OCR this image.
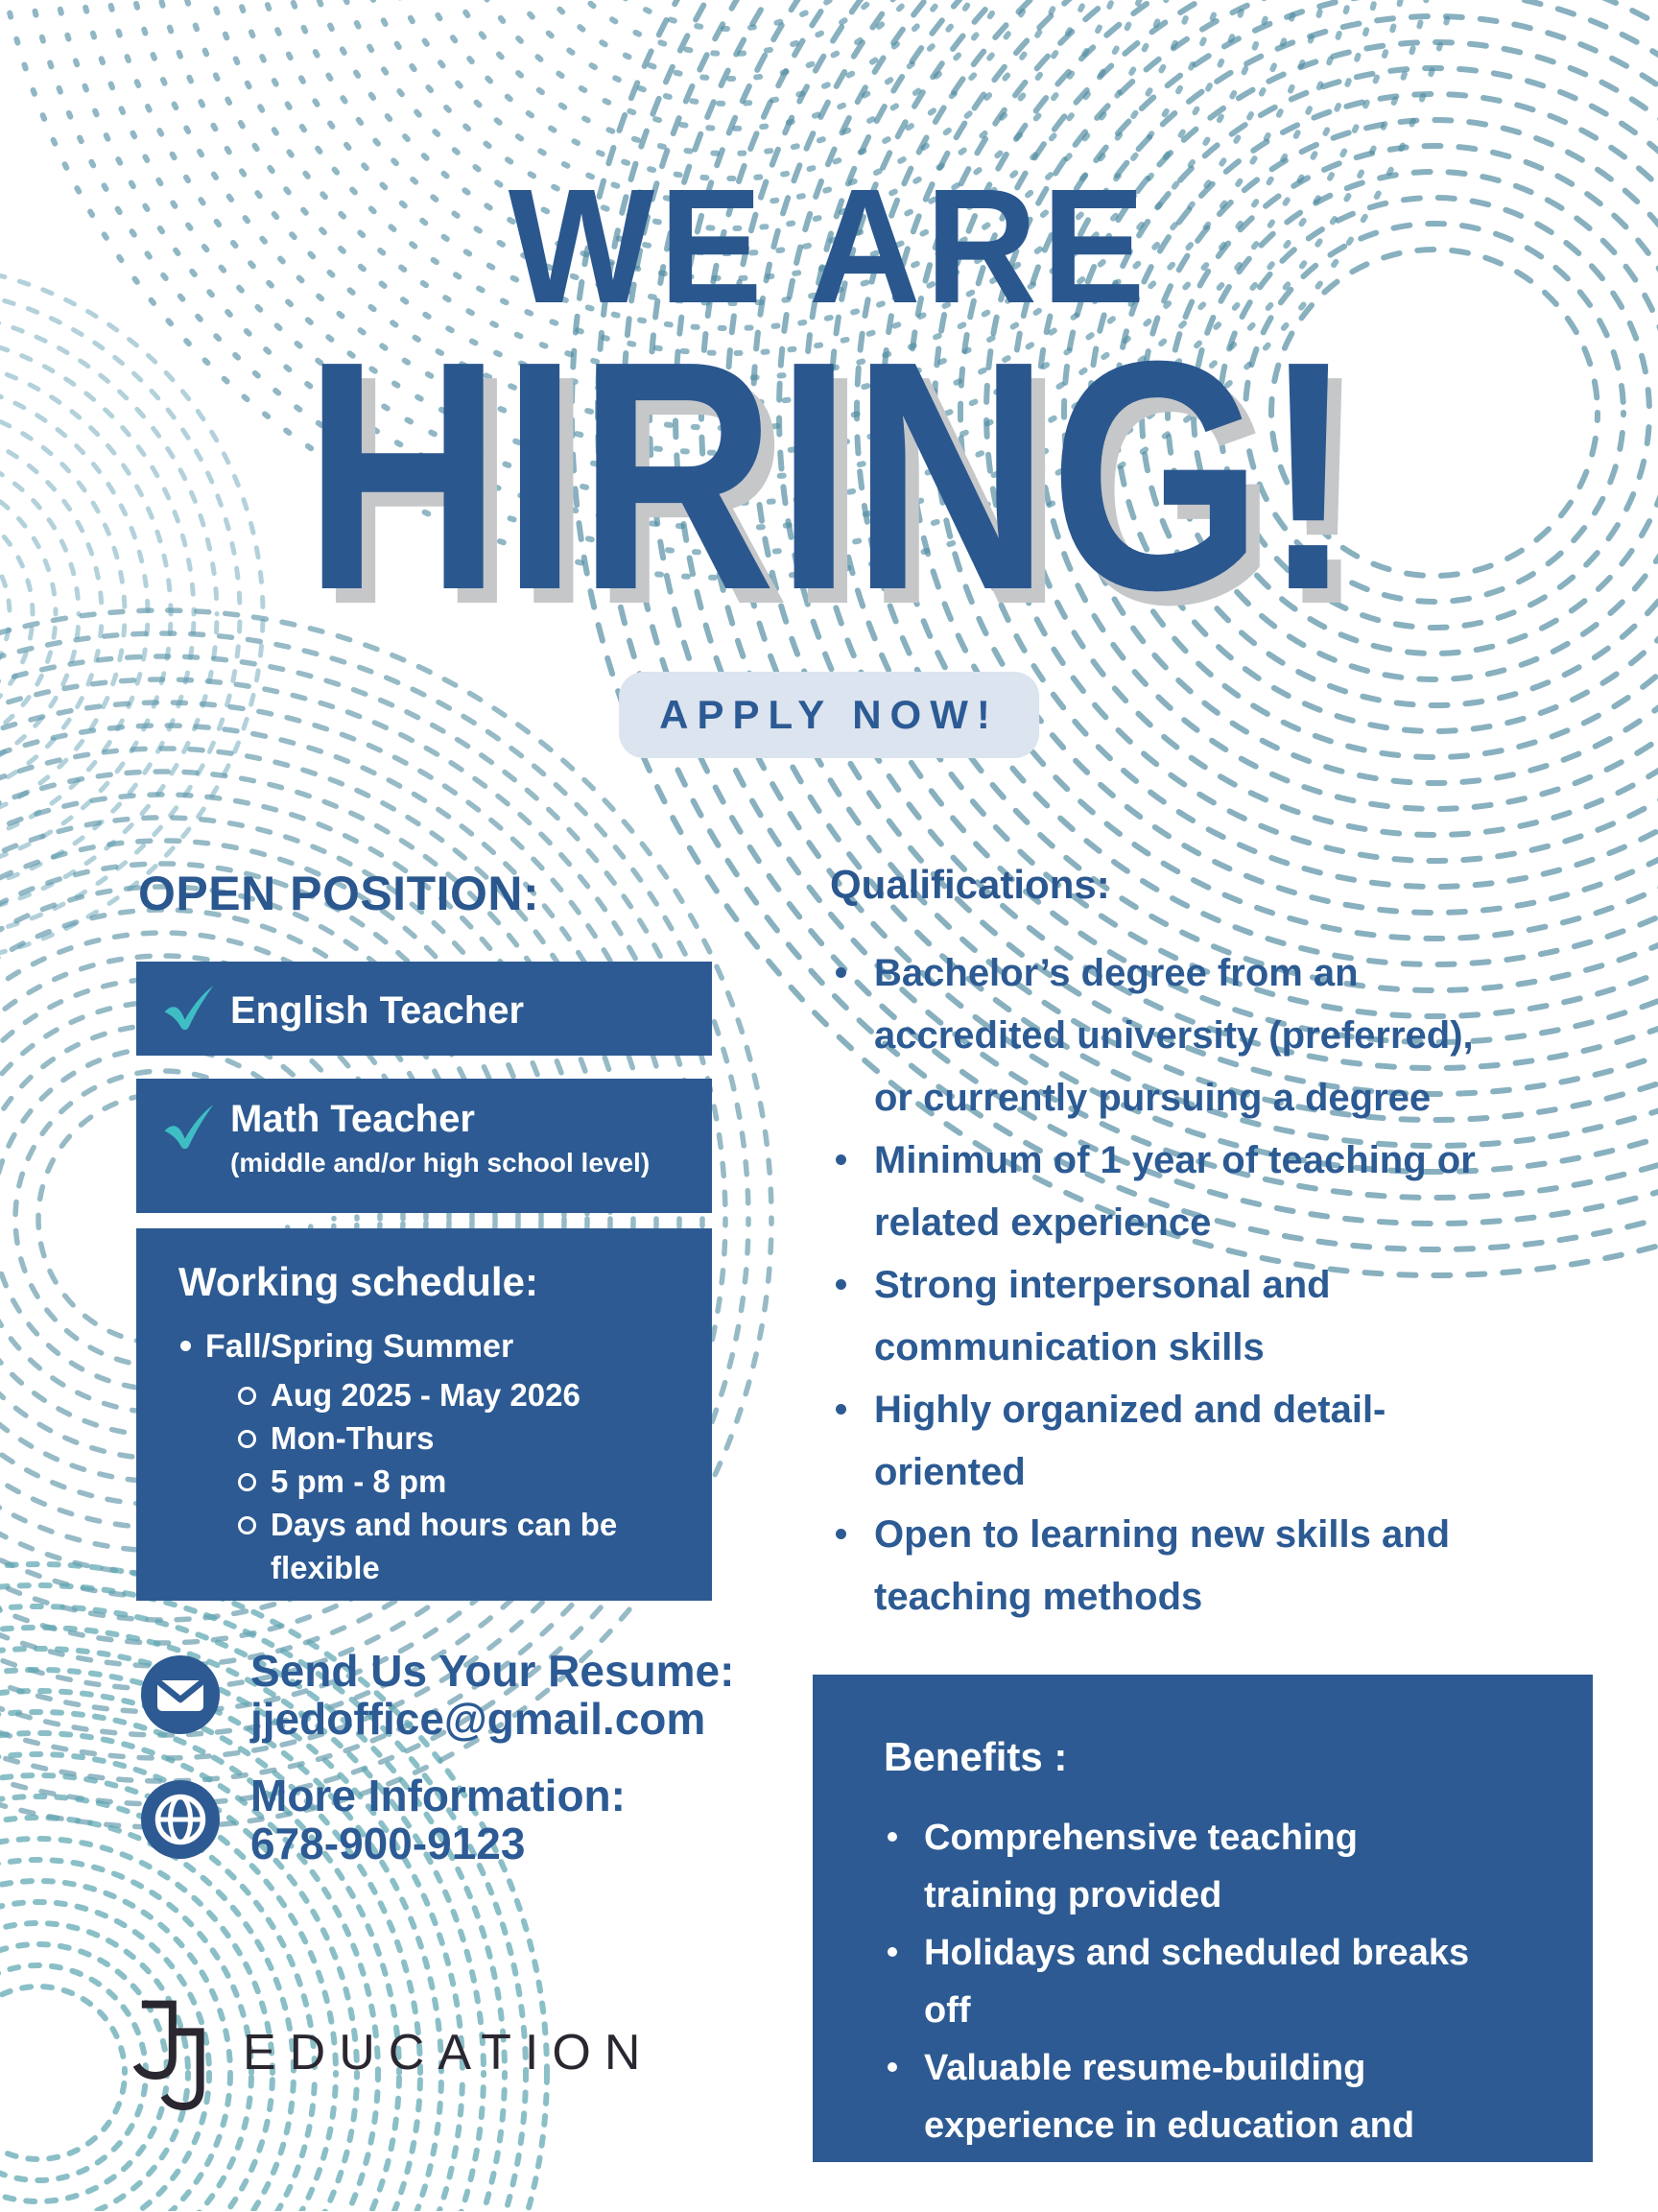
WE ARE
HIRING!
APPLY NOW!
OPEN POSITION:
English Teacher
Math Teacher
(middle and/or high school level)
Working schedule:
Fall/Spring Summer
Aug 2025 - May 2026
Mon-Thurs
5 pm - 8 pm
Days and hours can be flexible
Send Us Your Resume:
jjedoffice@gmail.com
More Information:
678-900-9123
EDUCATION
Qualifications:
Bachelor’s degree from an accredited university (preferred), or currently pursuing a degree
Minimum of 1 year of teaching or related experience
Strong interpersonal and communication skills
Highly organized and detail-oriented
Open to learning new skills and teaching methods
Benefits :
Comprehensive teaching training provided
Holidays and scheduled breaks off
Valuable resume-building experience in education and leadership
